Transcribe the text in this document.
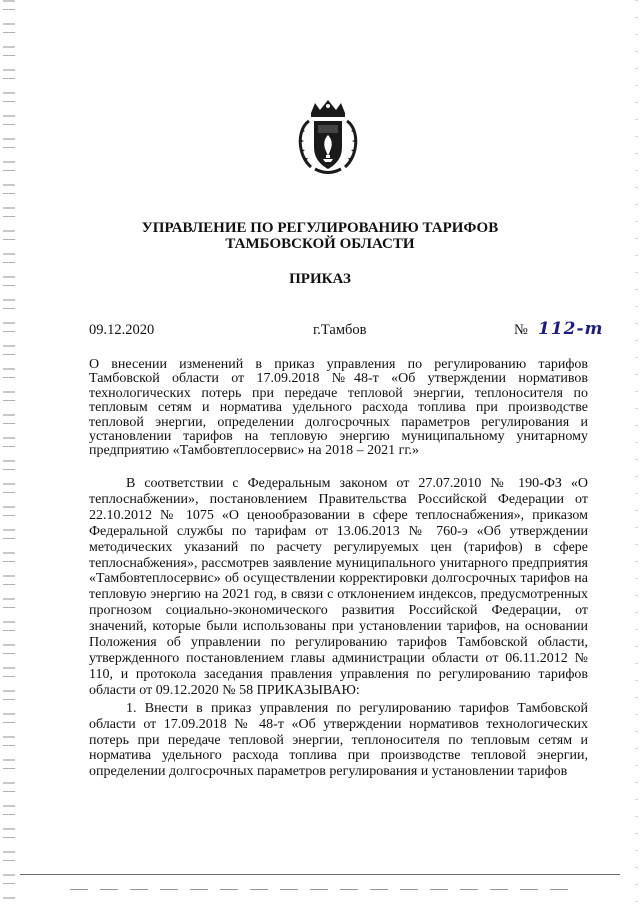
УПРАВЛЕНИЕ ПО РЕГУЛИРОВАНИЮ ТАРИФОВ
ТАМБОВСКОЙ ОБЛАСТИ
ПРИКАЗ
09.12.2020	г.Тамбов	№ 112-т
О внесении изменений в приказ управления по регулированию тарифов Тамбовской области от 17.09.2018 №48-т «Об утверждении нормативов технологических потерь при передаче тепловой энергии, теплоносителя по тепловым сетям и норматива удельного расхода топлива при производстве тепловой энергии, определении долгосрочных параметров регулирования и установлении тарифов на тепловую энергию муниципальному унитарному предприятию «Тамбовтеплосервис» на 2018 – 2021 гг.»

В соответствии с Федеральным законом от 27.07.2010 № 190-ФЗ «О теплоснабжении», постановлением Правительства Российской Федерации от 22.10.2012 № 1075 «О ценообразовании в сфере теплоснабжения», приказом Федеральной службы по тарифам от 13.06.2013 № 760-э «Об утверждении методических указаний по расчету регулируемых цен (тарифов) в сфере теплоснабжения», рассмотрев заявление муниципального унитарного предприятия «Тамбовтеплосервис» об осуществлении корректировки долгосрочных тарифов на тепловую энергию на 2021 год, в связи с отклонением индексов, предусмотренных прогнозом социально-экономического развития Российской Федерации, от значений, которые были использованы при установлении тарифов, на основании Положения об управлении по регулированию тарифов Тамбовской области, утвержденного постановлением главы администрации области от 06.11.2012 № 110, и протокола заседания правления управления по регулированию тарифов области от 09.12.2020 № 58 ПРИКАЗЫВАЮ:

1. Внести в приказ управления по регулированию тарифов Тамбовской области от 17.09.2018 № 48-т «Об утверждении нормативов технологических потерь при передаче тепловой энергии, теплоносителя по тепловым сетям и норматива удельного расхода топлива при производстве тепловой энергии, определении долгосрочных параметров регулирования и установлении тарифов
